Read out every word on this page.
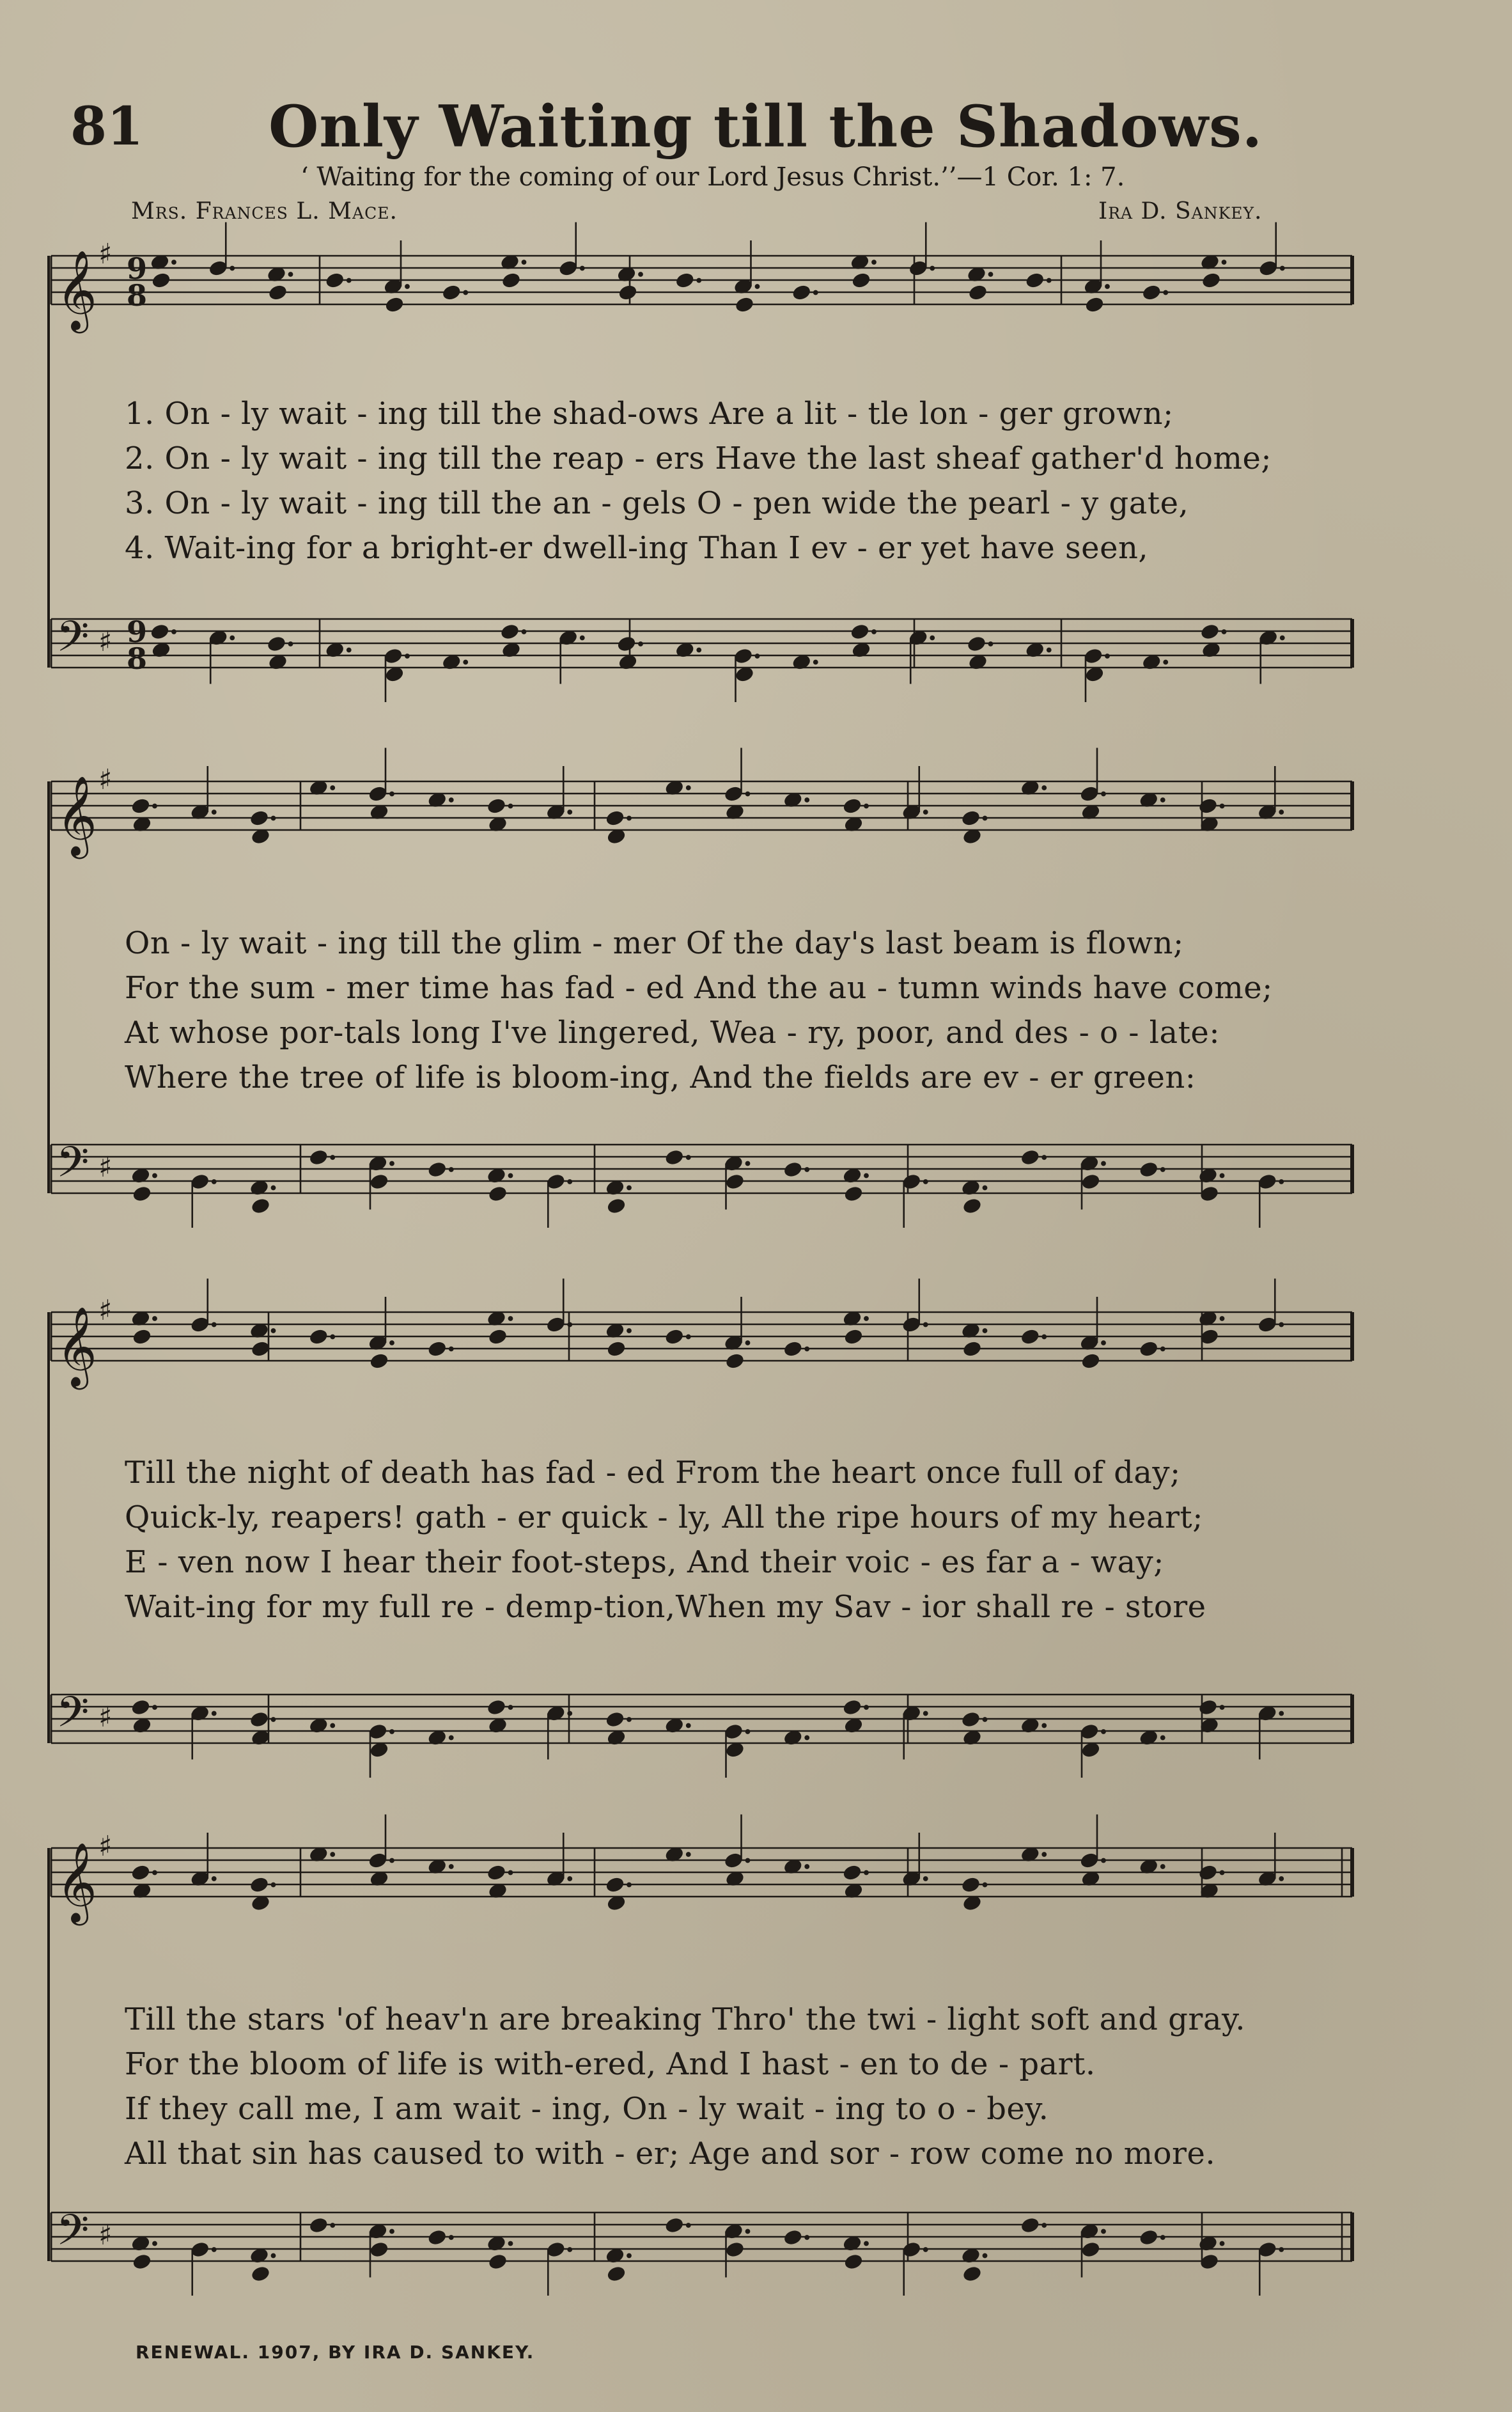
81 Only Waiting till the Shadows.
‘ Waiting for the coming of our Lord Jesus Christ.’’—1 Cor. 1: 7.
Mrs. Frances L. Mace.	Ira D. Sankey.
𝄞 ♯ 9
8
𝄞 ♯
𝄞 ♯
𝄞 ♯
𝄢 ♯ 9
8
𝄢 ♯
𝄢 ♯
𝄢 ♯
1. On - ly wait - ing till the shad-ows Are a lit - tle lon - ger grown;
2. On - ly wait - ing till the reap - ers Have the last sheaf gather'd home;
3. On - ly wait - ing till the an - gels O - pen wide the pearl - y gate,
4. Wait-ing for a bright-er dwell-ing Than I ev - er yet have seen,
On - ly wait - ing till the glim - mer Of the day's last beam is flown;
For the sum - mer time has fad - ed And the au - tumn winds have come;
At whose por-tals long I've lingered, Wea - ry, poor, and des - o - late:
Where the tree of life is bloom-ing, And the fields are ev - er green:
Till the night of death has fad - ed From the heart once full of day;
Quick-ly, reapers! gath - er quick - ly, All the ripe hours of my heart;
E - ven now I hear their foot-steps, And their voic - es far a - way;
Wait-ing for my full re - demp-tion,When my Sav - ior shall re - store
Till the stars 'of heav'n are breaking Thro' the twi - light soft and gray.
For the bloom of life is with-ered, And I hast - en to de - part.
If they call me, I am wait - ing, On - ly wait - ing to o - bey.
All that sin has caused to with - er; Age and sor - row come no more.
RENEWAL. 1907, BY IRA D. SANKEY.
